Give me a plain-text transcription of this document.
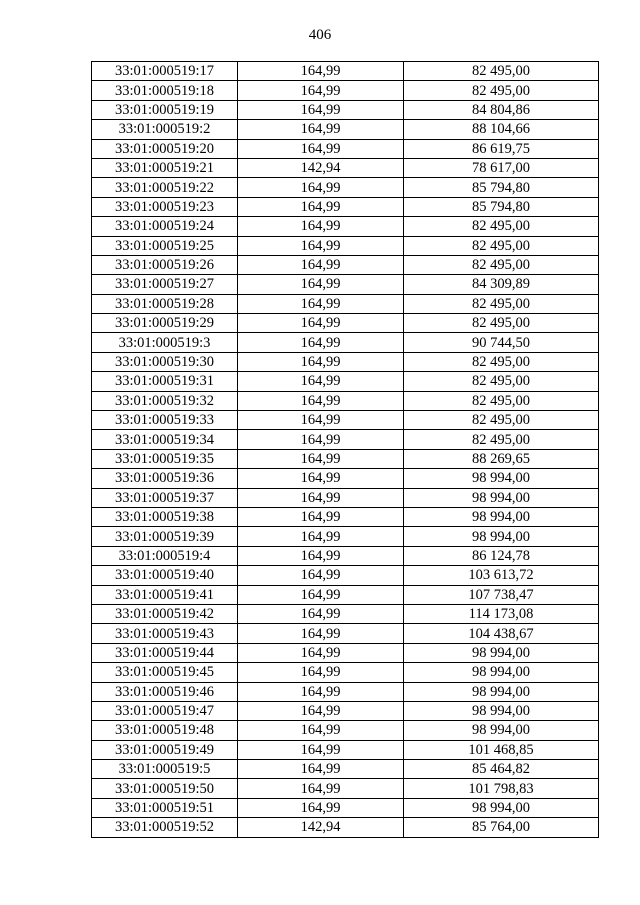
406
33:01:000519:17	164,99	82 495,00
33:01:000519:18	164,99	82 495,00
33:01:000519:19	164,99	84 804,86
33:01:000519:2	164,99	88 104,66
33:01:000519:20	164,99	86 619,75
33:01:000519:21	142,94	78 617,00
33:01:000519:22	164,99	85 794,80
33:01:000519:23	164,99	85 794,80
33:01:000519:24	164,99	82 495,00
33:01:000519:25	164,99	82 495,00
33:01:000519:26	164,99	82 495,00
33:01:000519:27	164,99	84 309,89
33:01:000519:28	164,99	82 495,00
33:01:000519:29	164,99	82 495,00
33:01:000519:3	164,99	90 744,50
33:01:000519:30	164,99	82 495,00
33:01:000519:31	164,99	82 495,00
33:01:000519:32	164,99	82 495,00
33:01:000519:33	164,99	82 495,00
33:01:000519:34	164,99	82 495,00
33:01:000519:35	164,99	88 269,65
33:01:000519:36	164,99	98 994,00
33:01:000519:37	164,99	98 994,00
33:01:000519:38	164,99	98 994,00
33:01:000519:39	164,99	98 994,00
33:01:000519:4	164,99	86 124,78
33:01:000519:40	164,99	103 613,72
33:01:000519:41	164,99	107 738,47
33:01:000519:42	164,99	114 173,08
33:01:000519:43	164,99	104 438,67
33:01:000519:44	164,99	98 994,00
33:01:000519:45	164,99	98 994,00
33:01:000519:46	164,99	98 994,00
33:01:000519:47	164,99	98 994,00
33:01:000519:48	164,99	98 994,00
33:01:000519:49	164,99	101 468,85
33:01:000519:5	164,99	85 464,82
33:01:000519:50	164,99	101 798,83
33:01:000519:51	164,99	98 994,00
33:01:000519:52	142,94	85 764,00
